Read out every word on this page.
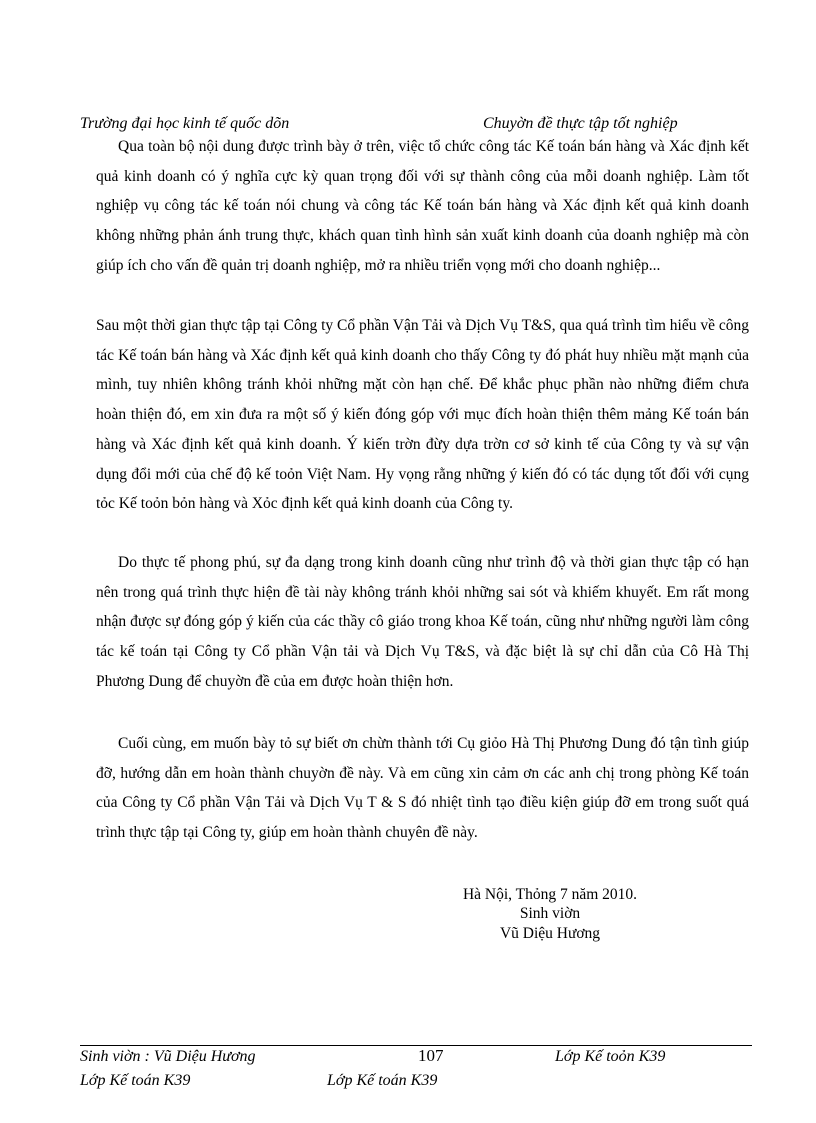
Trường đại học kinh tế quốc dõn	Chuyờn đề thực tập tốt nghiệp

Qua toàn bộ nội dung được trình bày ở trên, việc tổ chức công tác Kế toán bán hàng và Xác định kết quả kinh doanh có ý nghĩa cực kỳ quan trọng đối với sự thành công của mỗi doanh nghiệp. Làm tốt nghiệp vụ công tác kế toán nói chung và công tác Kế toán bán hàng và Xác định kết quả kinh doanh không những phản ánh trung thực, khách quan tình hình sản xuất kinh doanh của doanh nghiệp mà còn giúp ích cho vấn đề quản trị doanh nghiệp, mở ra nhiều triển vọng mới cho doanh nghiệp...

Sau một thời gian thực tập tại Công ty Cổ phần Vận Tải và Dịch Vụ T&S, qua quá trình tìm hiểu về công tác Kế toán bán hàng và Xác định kết quả kinh doanh cho thấy Công ty đó phát huy nhiều mặt mạnh của mình, tuy nhiên không tránh khỏi những mặt còn hạn chế. Để khắc phục phần nào những điểm chưa hoàn thiện đó, em xin đưa ra một số ý kiến đóng góp với mục đích hoàn thiện thêm mảng Kế toán bán hàng và Xác định kết quả kinh doanh. Ý kiến trờn đừy dựa trờn cơ sở kinh tế của Công ty và sự vận dụng đổi mới của chế độ kế toỏn Việt Nam. Hy vọng rằng những ý kiến đó có tác dụng tốt đối với cụng tỏc Kế toỏn bỏn hàng và Xỏc định kết quả kinh doanh của Công ty.

Do thực tế phong phú, sự đa dạng trong kinh doanh cũng như trình độ và thời gian thực tập có hạn nên trong quá trình thực hiện đề tài này không tránh khỏi những sai sót và khiếm khuyết. Em rất mong nhận được sự đóng góp ý kiến của các thầy cô giáo trong khoa Kế toán, cũng như những người làm công tác kế toán tại Công ty Cổ phần Vận tải và Dịch Vụ T&S, và đặc biệt là sự chỉ dẫn của Cô Hà Thị Phương Dung để chuyờn đề của em được hoàn thiện hơn.

Cuối cùng, em muốn bày tỏ sự biết ơn chừn thành tới Cụ giỏo Hà Thị Phương Dung đó tận tình giúp đỡ, hướng dẫn em hoàn thành chuyờn đề này. Và em cũng xin cảm ơn các anh chị trong phòng Kế toán của Công ty Cổ phần Vận Tải và Dịch Vụ T & S đó nhiệt tình tạo điều kiện giúp đỡ em trong suốt quá trình thực tập tại Công ty, giúp em hoàn thành chuyên đề này.

Hà Nội, Thỏng 7 năm 2010.
Sinh viờn
Vũ Diệu Hương
Sinh viờn : Vũ Diệu Hương	107	Lớp Kế toỏn K39
Lớp Kế toán K39	Lớp Kế toán K39
